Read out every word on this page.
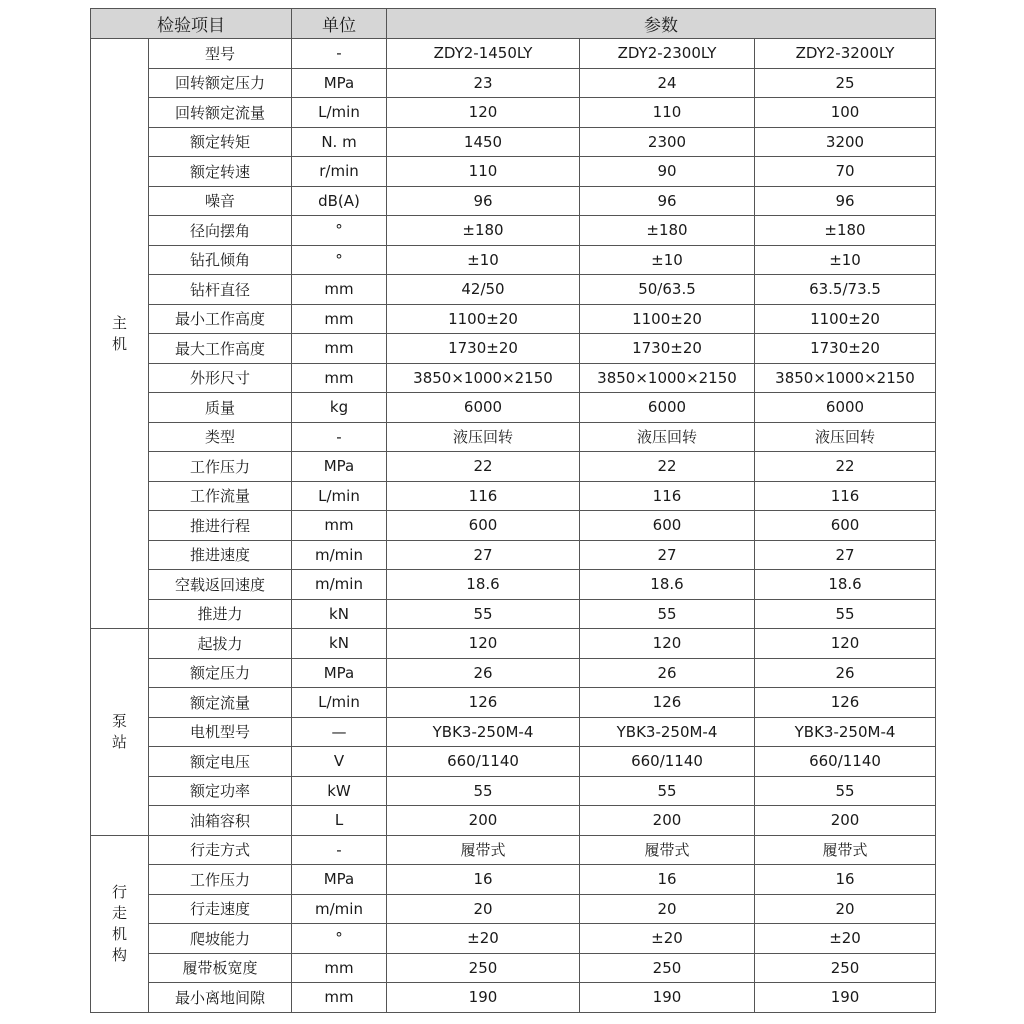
检验项目		单位	参数		

主机	型号	-	ZDY2-1450LY	ZDY2-2300LY	ZDY2-3200LY
	回转额定压力	MPa	23	24	25
	回转额定流量	L/min	120	110	100
	额定转矩	N. m	1450	2300	3200
	额定转速	r/min	110	90	70
	噪音	dB(A)	96	96	96
	径向摆角	°	±180	±180	±180
	钻孔倾角	°	±10	±10	±10
	钻杆直径	mm	42/50	50/63.5	63.5/73.5
	最小工作高度	mm	1100±20	1100±20	1100±20
	最大工作高度	mm	1730±20	1730±20	1730±20
	外形尺寸	mm	3850×1000×2150	3850×1000×2150	3850×1000×2150
	质量	kg	6000	6000	6000
	类型	-	液压回转	液压回转	液压回转
	工作压力	MPa	22	22	22
	工作流量	L/min	116	116	116
	推进行程	mm	600	600	600
	推进速度	m/min	27	27	27
	空载返回速度	m/min	18.6	18.6	18.6
	推进力	kN	55	55	55

泵站	起拔力	kN	120	120	120
	额定压力	MPa	26	26	26
	额定流量	L/min	126	126	126
	电机型号	—	YBK3-250M-4	YBK3-250M-4	YBK3-250M-4
	额定电压	V	660/1140	660/1140	660/1140
	额定功率	kW	55	55	55
	油箱容积	L	200	200	200

行走机构	行走方式	-	履带式	履带式	履带式
	工作压力	MPa	16	16	16
	行走速度	m/min	20	20	20
	爬坡能力	°	±20	±20	±20
	履带板宽度	mm	250	250	250
	最小离地间隙	mm	190	190	190
